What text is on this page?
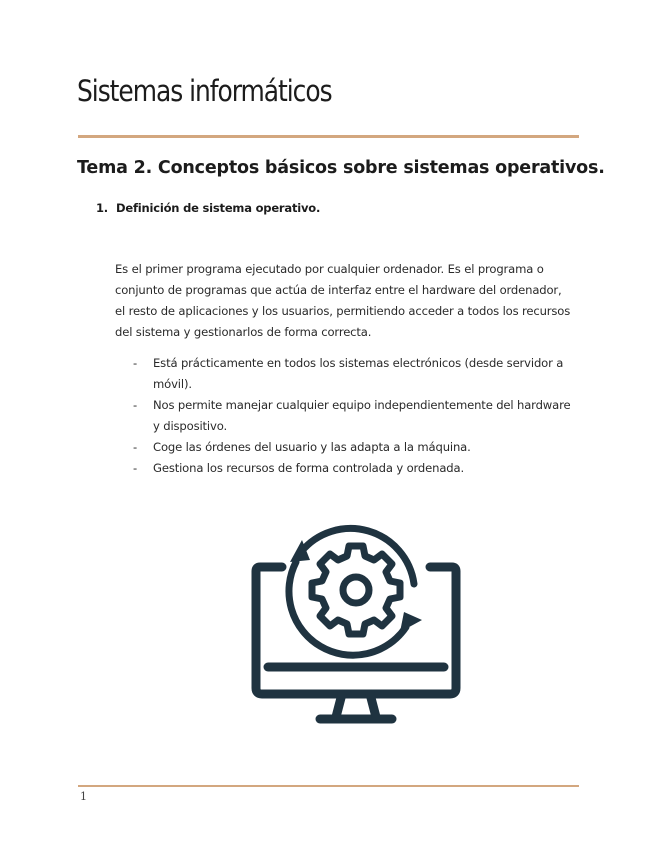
Sistemas informáticos
Tema 2. Conceptos básicos sobre sistemas operativos.
1. Definición de sistema operativo.

Es el primer programa ejecutado por cualquier ordenador. Es el programa o conjunto de programas que actúa de interfaz entre el hardware del ordenador, el resto de aplicaciones y los usuarios, permitiendo acceder a todos los recursos del sistema y gestionarlos de forma correcta.

- Está prácticamente en todos los sistemas electrónicos (desde servidor a móvil).
- Nos permite manejar cualquier equipo independientemente del hardware y dispositivo.
- Coge las órdenes del usuario y las adapta a la máquina.
- Gestiona los recursos de forma controlada y ordenada.
1
